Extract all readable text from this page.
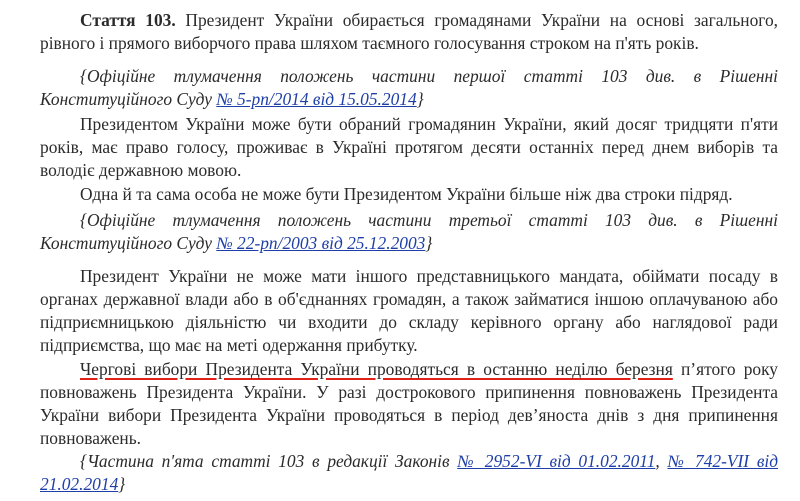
Стаття 103. Президент України обирається громадянами України на основі загального, рівного і прямого виборчого права шляхом таємного голосування строком на п'ять років.

{Офіційне тлумачення положень частини першої статті 103 див. в Рішенні Конституційного Суду № 5-рп/2014 від 15.05.2014}

Президентом України може бути обраний громадянин України, який досяг тридцяти п'яти років, має право голосу, проживає в Україні протягом десяти останніх перед днем виборів та володіє державною мовою.

Одна й та сама особа не може бути Президентом України більше ніж два строки підряд.

{Офіційне тлумачення положень частини третьої статті 103 див. в Рішенні Конституційного Суду № 22-рп/2003 від 25.12.2003}

Президент України не може мати іншого представницького мандата, обіймати посаду в органах державної влади або в об'єднаннях громадян, а також займатися іншою оплачуваною або підприємницькою діяльністю чи входити до складу керівного органу або наглядової ради підприємства, що має на меті одержання прибутку.

Чергові вибори Президента України проводяться в останню неділю березня п’ятого року повноважень Президента України. У разі дострокового припинення повноважень Президента України вибори Президента України проводяться в період дев’яноста днів з дня припинення повноважень.

{Частина п'ята статті 103 в редакції Законів № 2952-VI від 01.02.2011, № 742-VII від 21.02.2014}
